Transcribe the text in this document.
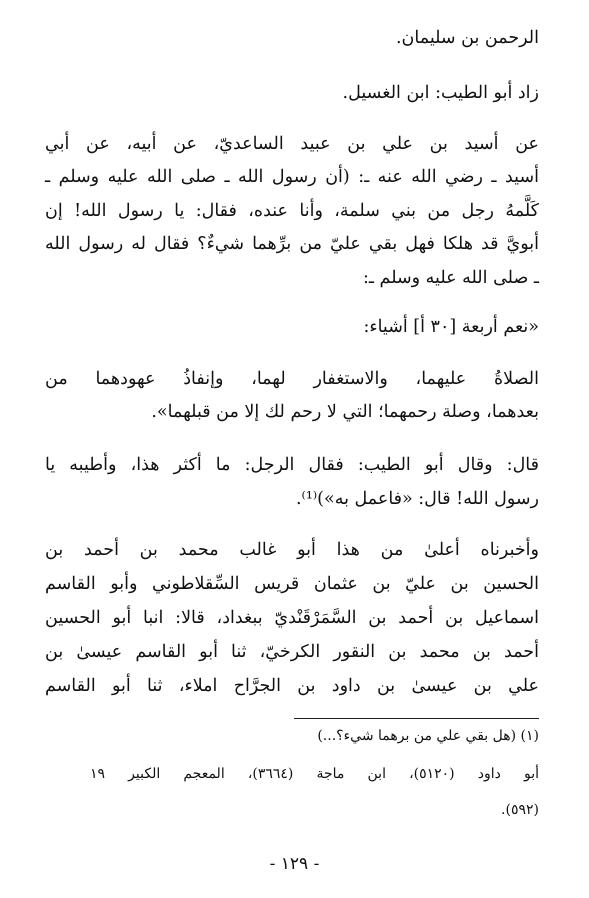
الرحمن بن سليمان.
زاد أبو الطيب: ابن الغسيل.
عن أسيد بن علي بن عبيد الساعديّ، عن أبيه، عن أبي
أسيد ـ رضي الله عنه ـ: (أن رسول الله ـ صلى الله عليه وسلم ـ
كَلَّمهُ رجل من بني سلمة، وأنا عنده، فقال: يا رسول الله! إن
أبويَّ قد هلكا فهل بقي عليّ من برِّهما شيءٌ؟ فقال له رسول الله
ـ صلى الله عليه وسلم ـ:
«نعم أربعة [٣٠ أ] أشياء:
الصلاةُ عليهما، والاستغفار لهما، وإنفاذُ عهودهما من
بعدهما، وصلة رحمهما؛ التي لا رحم لك إلا من قبلهما».
قال: وقال أبو الطيب: فقال الرجل: ما أكثر هذا، وأطيبه يا
رسول الله! قال: «فاعمل به»)⁽¹⁾.
وأخبرناه أعلىٰ من هذا أبو غالب محمد بن أحمد بن
الحسين بن عليّ بن عثمان قريس السِّقلاطوني وأبو القاسم
اسماعيل بن أحمد بن السَّمَرْقَنْديّ ببغداد، قالا: انبا أبو الحسين
أحمد بن محمد بن النقور الكرخيّ، ثنا أبو القاسم عيسىٰ بن
علي بن عيسىٰ بن داود بن الجرَّاح املاء، ثنا أبو القاسم
(١) (هل بقي علي من برهما شيء؟...)
أبو داود (٥١٢٠)، ابن ماجة (٣٦٦٤)، المعجم الكبير ١٩
(٥٩٢).
- ١٢٩ -
